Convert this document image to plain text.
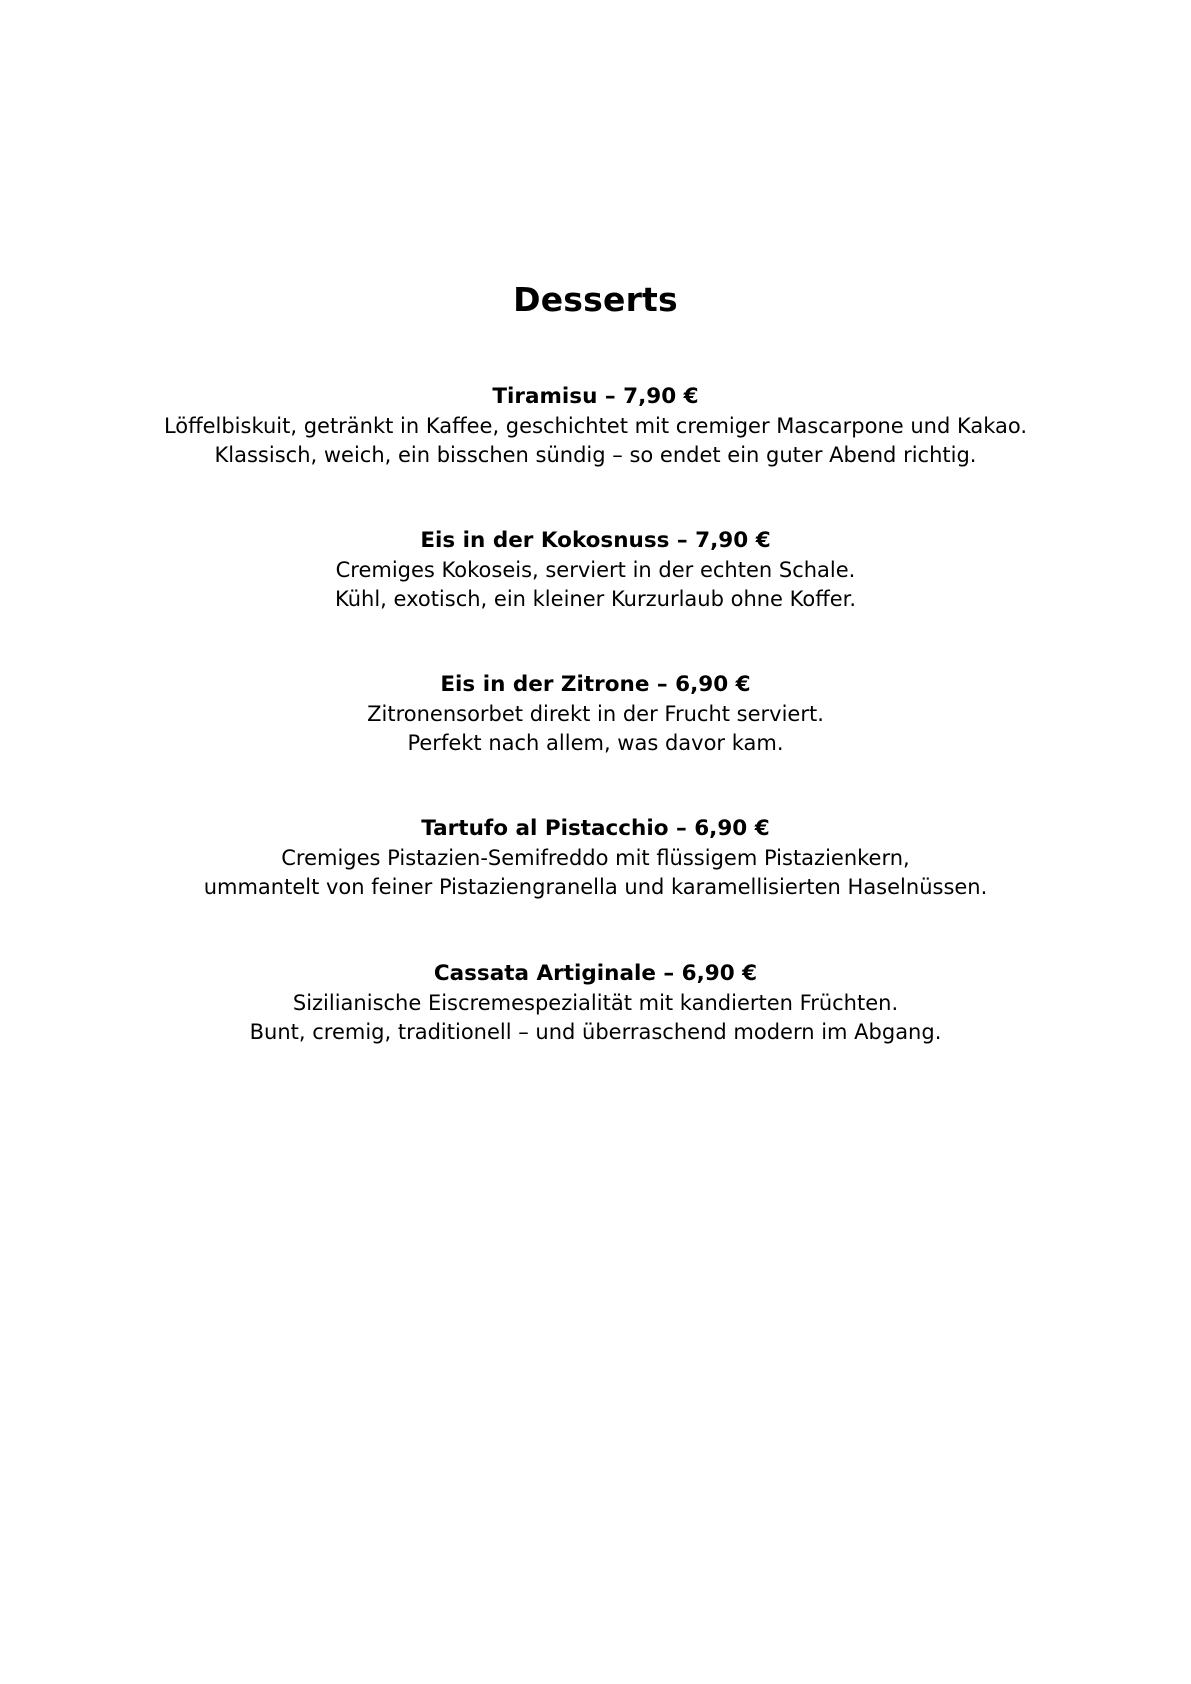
Desserts

Tiramisu – 7,90 €

Löffelbiskuit, getränkt in Kaffee, geschichtet mit cremiger Mascarpone und Kakao.

Klassisch, weich, ein bisschen sündig – so endet ein guter Abend richtig.

Eis in der Kokosnuss – 7,90 €

Cremiges Kokoseis, serviert in der echten Schale.

Kühl, exotisch, ein kleiner Kurzurlaub ohne Koffer.

Eis in der Zitrone – 6,90 €

Zitronensorbet direkt in der Frucht serviert.

Perfekt nach allem, was davor kam.

Tartufo al Pistacchio – 6,90 €

Cremiges Pistazien-Semifreddo mit flüssigem Pistazienkern,

ummantelt von feiner Pistaziengranella und karamellisierten Haselnüssen.

Cassata Artiginale – 6,90 €

Sizilianische Eiscremespezialität mit kandierten Früchten.

Bunt, cremig, traditionell – und überraschend modern im Abgang.
